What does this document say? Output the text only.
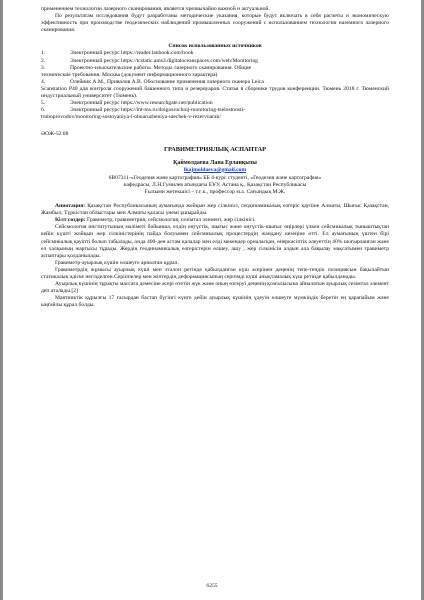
применением технологии лазерного сканирования, является чрезвычайно важной и актуальной.

По результатам исследования будут разработаны методические указания, которые будут включать в себя расчеты и экономическую эффективность при производстве геодезических наблюдений промышленных сооружений с использованием технологии наземного лазерного сканирования.

Список использованных источников

1.	Электронный ресурс https://reader.lanbook.com/book
2.	Электронный ресурс https://tcstatic.ams3.digitaloceanspaces.com/web/Monitoring
3.	Проектно-изыскательские работы. Методы лазерного сканирования. Общие

технические требования. Москва (документ информационного характера)

4.	Олейник А.М., Привалов А.В. Обоснование применения лазерного сканера Leica

Scanstation P40 для контроля сооружений башенного типа и резервуаров. Статья в сборнике трудов конференции. Тюмень 2018 г. Тюменский индустриальный университет (Тюмень).

5.	Электронный ресурс https://www.researchgate.net/publication
6.	Электронный ресурс https://int-ms.ru/dolgosrochnij-monitoring-tselostnosti-

truboprovodov/monitoring-sostoyaniya-i-obnaruzheniya-utechek-v-rezervuarah/

ӘОЖ-52.08

ГРАВИМЕТРИЯЛЫҚ АСПАПТАР

Қаймолдаева Лана Ерланқызы

lkajmoldaeva@gmail.com

6В07311-«Геодезия және картография» ББ 4-курс студенті, «Геодезия және картография»

кафедрасы, Л.Н.Гумилев атындағы ЕҰУ, Астана қ., Қазақстан Республикасы

Ғылыми жетекшісі – т.ғ.к., профессор м.а. Сағындық М.Ж.

Аннотация: Қазақстан Республикасының аумағында жойқын жер сілкінісі, геодинамикалық өзгеріс қаупіне Алматы, Шығыс Қазақстан, Жамбыл, Түркістан облыстары мен Алматы қаласы үнемі ұшырайды.

Кілт сөздер: Гравиметр, гравиметрия, сейсмология, сезімтал элемент, жер сілкінісі.

Сейсмология институтының мәліметі бойынша, елдің оңтүстік, шығыс және оңтүстік-шығыс өңірлері үлкен сейсмикалық тыныштықтан кейін күшті жойқын жер сілкіністерінің пайда болуымен сейсмикалық процестердің жандану кезеңіне өтті. Ел аумағының үштен бірі сейсмикалық қауіпті болып табылады, онда 400-ден астам қалалар мен елді мекендер орналасқан, өнеркәсіптік әлеуеттің 40% шоғырланған және ел халқының жартысы тұрады. Жердің геодинамикалық өзгерістерін өлшеу, ашу , жер сілкінісін алдын ала бақылау мақсатымен гравиметр аспаптары қолданылады.

Гравиметр-ауырлық күшін өлшеуге арналған құрал.

Гравиметрдің жұмысы ауырлық күші мен эталон ретінде қабылданған күш әсерінен деңенің тепе-теңдік позициясын бақылайтын статикалық әдіске негізделген.Серіппелер мен жіптердің деформациясының серпімді күші анықтамалық күш ретінде қабылданады.

Ауырлық күшінің тұрақты массаға демесіне әсері өтетін жүк және оның өзгеруі деңенің қозғалысына айналатын ауырлық сезімтал элемент деп аталады.[2]

Маятниктік құрылғы 17 ғасырдан бастап бүгінгі күнге дейін ауырлық күшінің үдеуін өлшеуге мүмкіндік беретін ең қарапайым және ыңғайлы құрал болды.

6255
